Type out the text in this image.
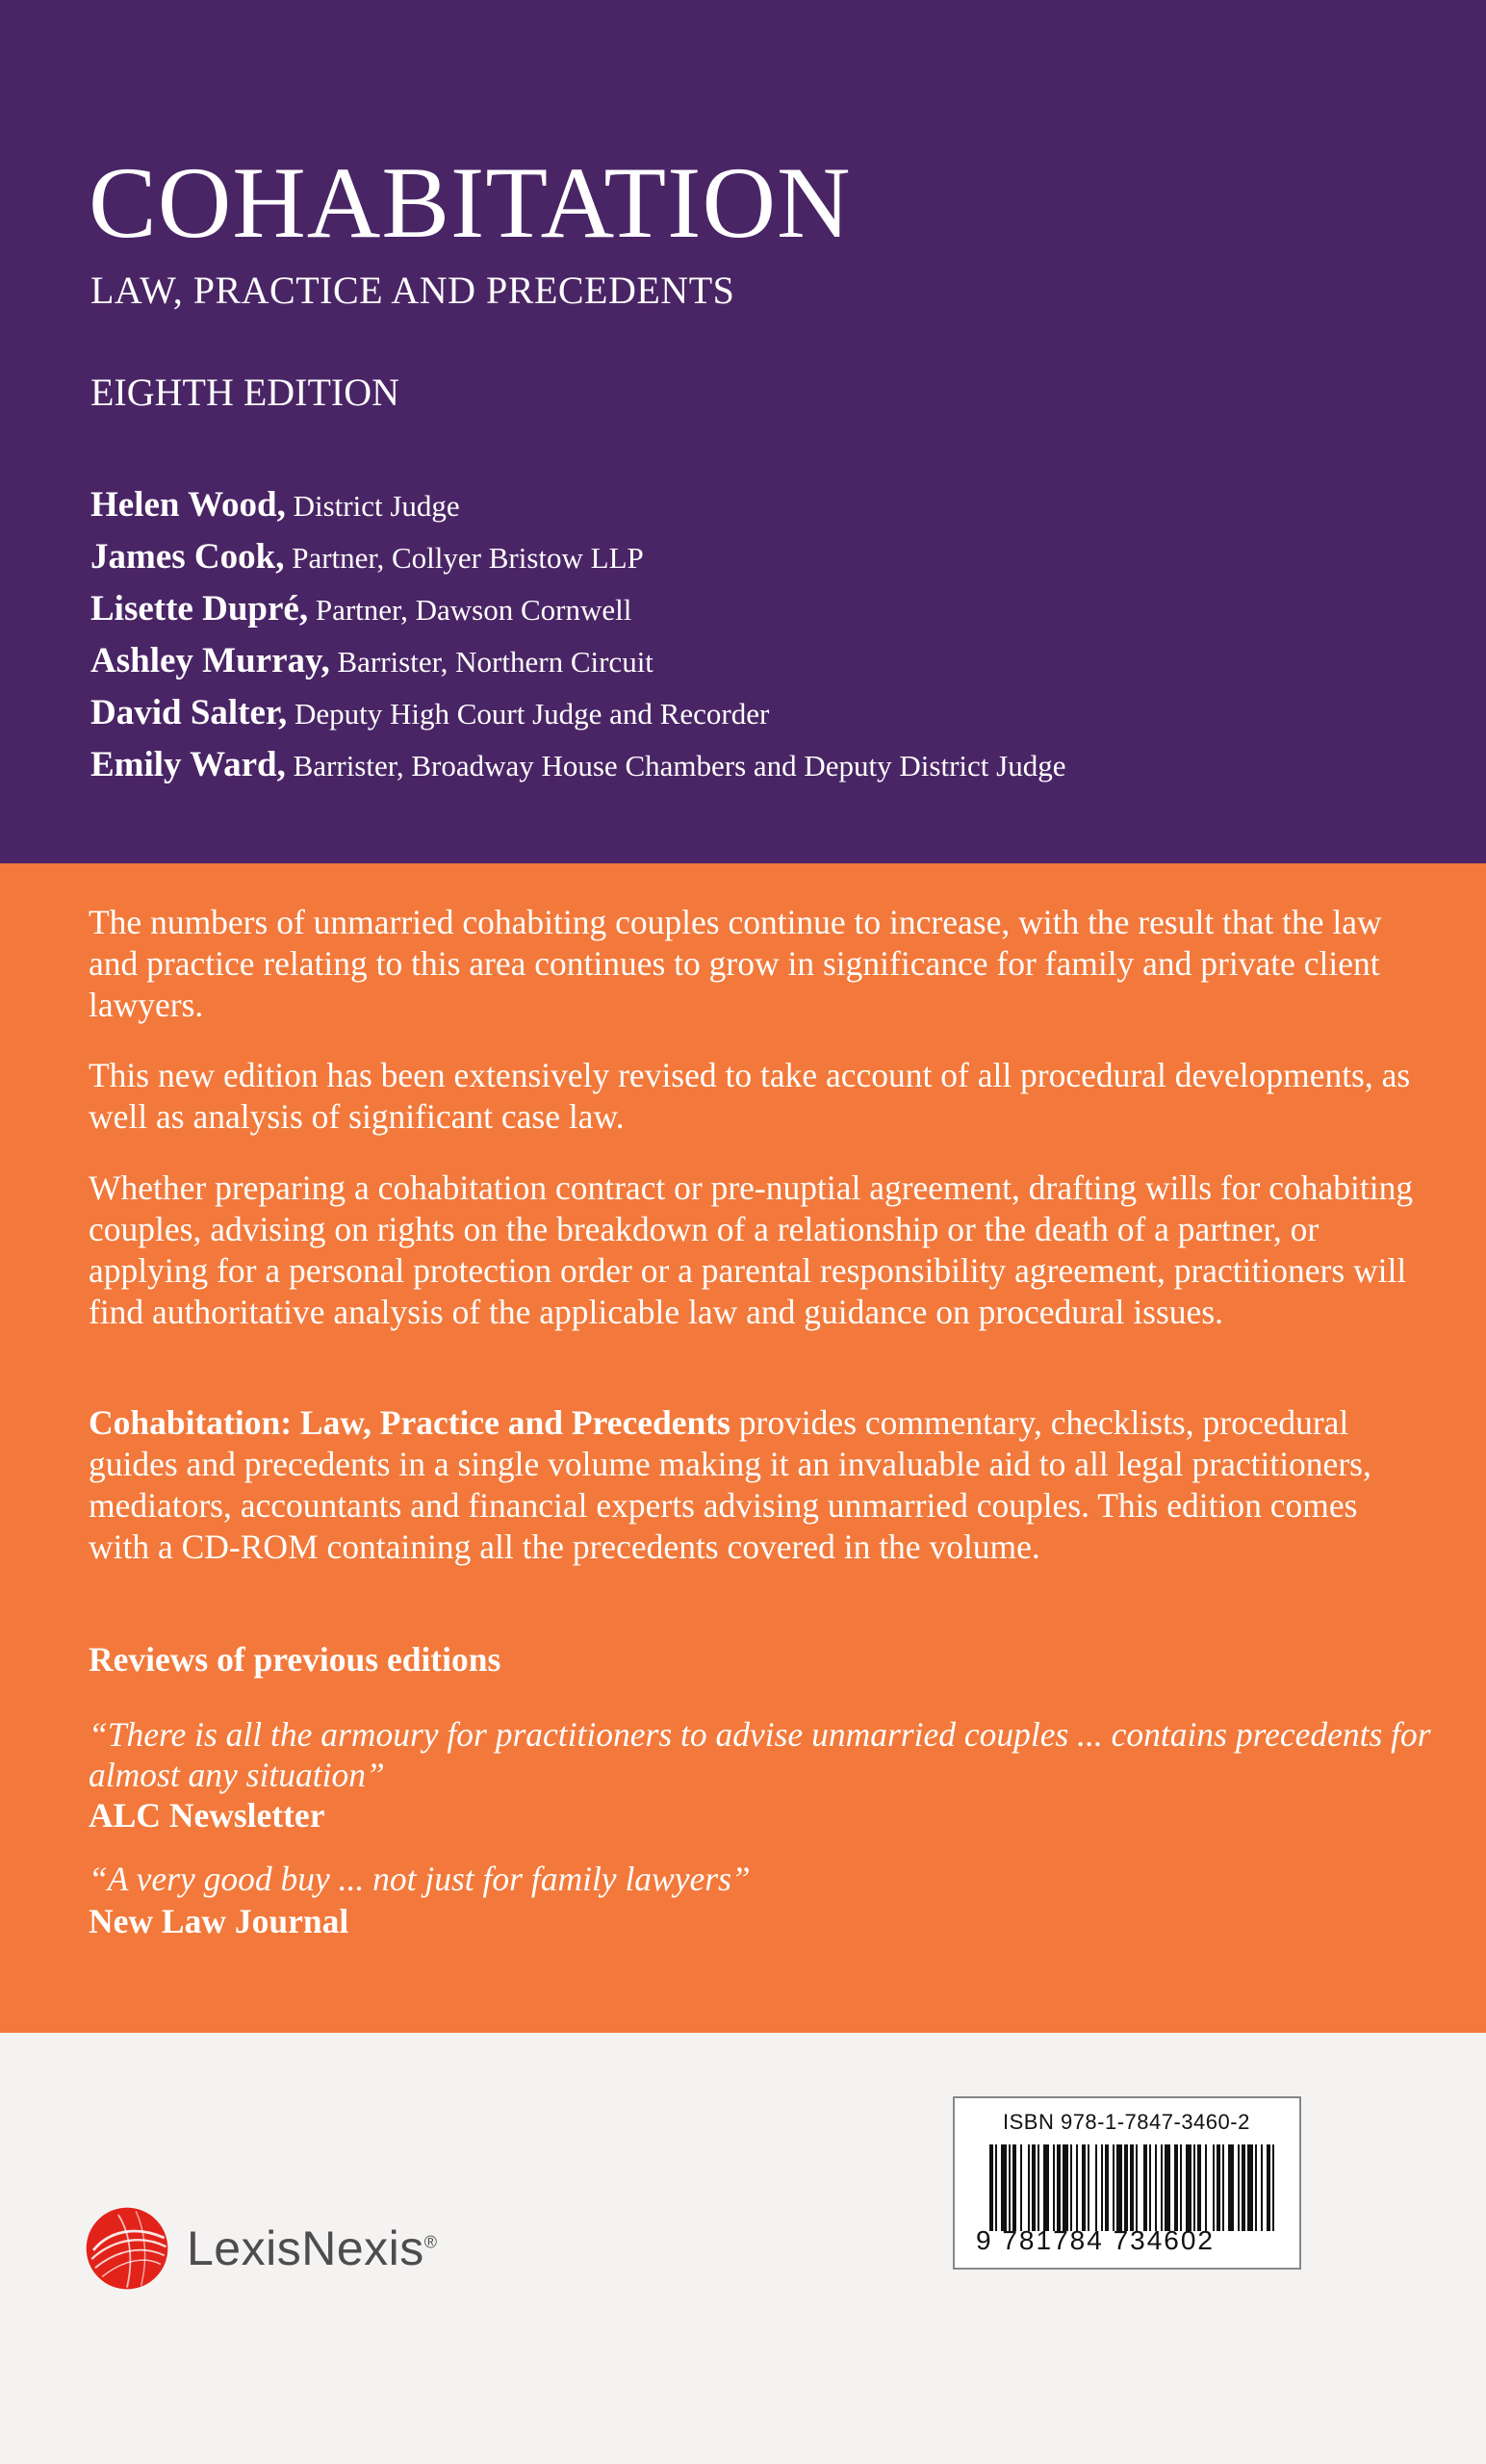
COHABITATION
LAW, PRACTICE AND PRECEDENTS
EIGHTH EDITION
Helen Wood, District Judge
James Cook, Partner, Collyer Bristow LLP
Lisette Dupré, Partner, Dawson Cornwell
Ashley Murray, Barrister, Northern Circuit
David Salter, Deputy High Court Judge and Recorder
Emily Ward, Barrister, Broadway House Chambers and Deputy District Judge

The numbers of unmarried cohabiting couples continue to increase, with the result that the law and practice relating to this area continues to grow in significance for family and private client lawyers.

This new edition has been extensively revised to take account of all procedural developments, as well as analysis of significant case law.

Whether preparing a cohabitation contract or pre-nuptial agreement, drafting wills for cohabiting couples, advising on rights on the breakdown of a relationship or the death of a partner, or applying for a personal protection order or a parental responsibility agreement, practitioners will find authoritative analysis of the applicable law and guidance on procedural issues.

Cohabitation: Law, Practice and Precedents provides commentary, checklists, procedural guides and precedents in a single volume making it an invaluable aid to all legal practitioners, mediators, accountants and financial experts advising unmarried couples. This edition comes with a CD-ROM containing all the precedents covered in the volume.

Reviews of previous editions

“There is all the armoury for practitioners to advise unmarried couples ... contains precedents for almost any situation”

ALC Newsletter

“A very good buy ... not just for family lawyers”

New Law Journal
LexisNexis®
ISBN 978-1-7847-3460-2
9 781784 734602
